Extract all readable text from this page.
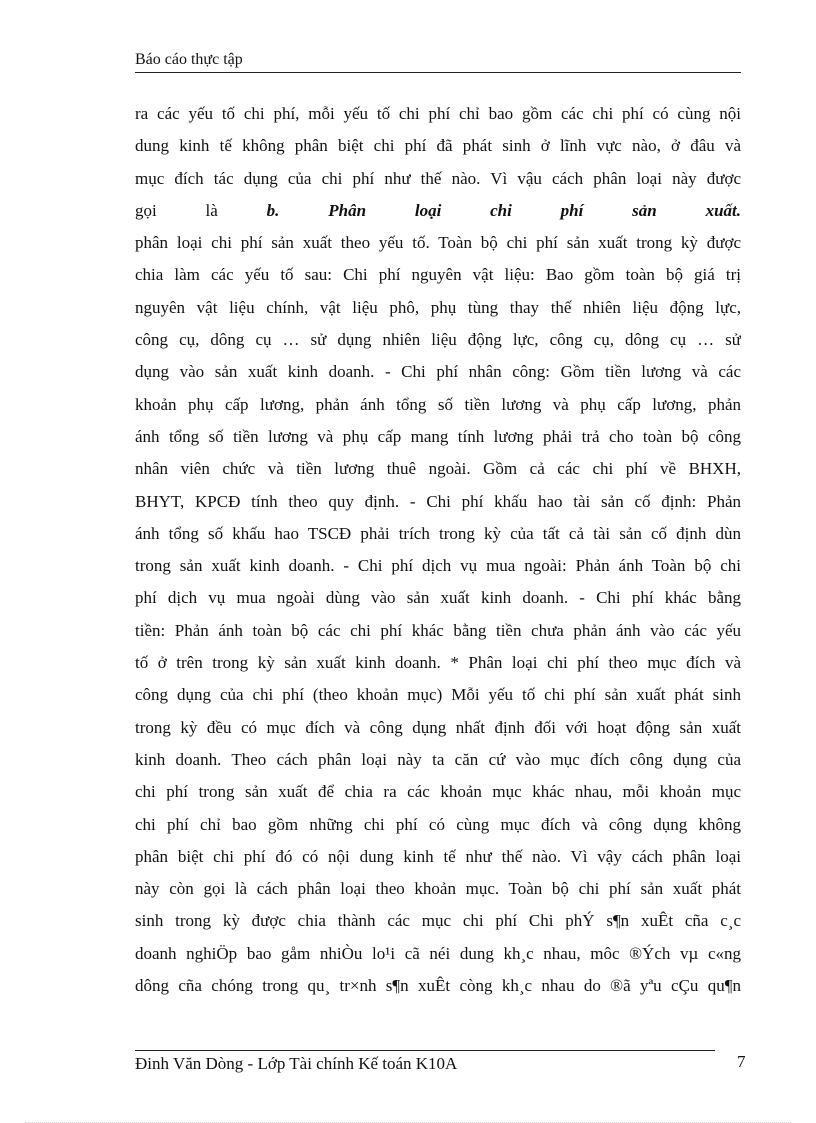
Báo cáo thực tập
ra các yếu tố chi phí, mỗi yếu tố chi phí chỉ bao gồm các chi phí có cùng nội
dung kinh tế không phân biệt chi phí đã phát sinh ở lĩnh vực nào, ở đâu và
mục đích tác dụng của chi phí như thế nào. Vì vậu cách phân loại này được
gọi là	b. Phân loại chi phí sản xuất.
phân loại chi phí sản xuất theo yếu tố. Toàn bộ chi phí sản xuất trong kỳ được
chia làm các yếu tố sau: Chi phí nguyên vật liệu: Bao gồm toàn bộ giá trị
nguyên vật liệu chính, vật liệu phô, phụ tùng thay thế nhiên liệu động lực,
công cụ, dông cụ … sử dụng nhiên liệu động lực, công cụ, dông cụ … sử
dụng vào sản xuất kinh doanh. - Chi phí nhân công: Gồm tiền lương và các
khoản phụ cấp lương, phản ánh tổng số tiền lương và phụ cấp lương, phản
ánh tổng số tiền lương và phụ cấp mang tính lương phải trả cho toàn bộ công
nhân viên chức và tiền lương thuê ngoài. Gồm cả các chi phí về BHXH,
BHYT, KPCĐ tính theo quy định. - Chi phí khấu hao tài sản cố định: Phản
ánh tổng số khấu hao TSCĐ phải trích trong kỳ của tất cả tài sản cố định dùn
trong sản xuất kinh doanh. - Chi phí dịch vụ mua ngoài: Phản ánh Toàn bộ chi
phí dịch vụ mua ngoài dùng vào sản xuất kinh doanh. - Chi phí khác bằng
tiền: Phản ánh toàn bộ các chi phí khác bằng tiền chưa phản ánh vào các yếu
tố ở trên trong kỳ sản xuất kinh doanh. * Phân loại chi phí theo mục đích và
công dụng của chi phí (theo khoản mục) Mỗi yếu tố chi phí sản xuất phát sinh
trong kỳ đều có mục đích và công dụng nhất định đối với hoạt động sản xuất
kinh doanh. Theo cách phân loại này ta căn cứ vào mục đích công dụng của
chi phí trong sản xuất để chia ra các khoản mục khác nhau, mỗi khoản mục
chi phí chỉ bao gồm những chi phí có cùng mục đích và công dụng không
phân biệt chi phí đó có nội dung kinh tế như thế nào. Vì vậy cách phân loại
này còn gọi là cách phân loại theo khoản mục. Toàn bộ chi phí sản xuất phát
sinh trong kỳ được chia thành các mục chi phí Chi phÝ s¶n xuÊt cña c¸c
doanh nghiÖp bao gåm nhiÒu lo¹i cã néi dung kh¸c nhau, môc ®Ých vµ c«ng
dông cña chóng trong qu¸ tr×nh s¶n xuÊt còng kh¸c nhau do ®ã yªu cÇu qu¶n
Đinh Văn Dòng - Lớp Tài chính Kế toán K10A	7
